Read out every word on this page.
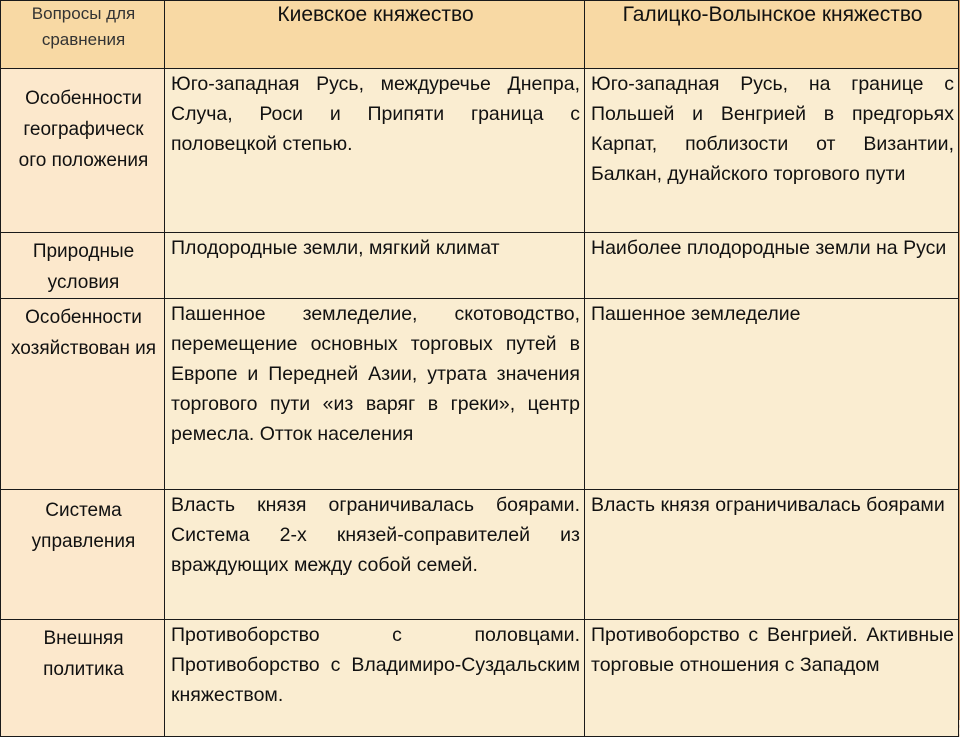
Вопросы для сравнения	Киевское княжество	Галицко-Волынское княжество
Особенности географическ ого положения	Юго-западная Русь, междуречье Днепра, Случа, Роси и Припяти граница с половецкой степью.	Юго-западная Русь, на границе с Польшей и Венгрией в предгорьях Карпат, поблизости от Византии, Балкан, дунайского торгового пути
Природные условия	Плодородные земли, мягкий климат	Наиболее плодородные земли на Руси
Особенности хозяйствован ия	Пашенное земледелие, скотоводство, перемещение основных торговых путей в Европе и Передней Азии, утрата значения торгового пути «из варяг в греки», центр ремесла. Отток населения	Пашенное земледелие
Система управления	Власть князя ограничивалась боярами. Система 2-х князей-соправителей из враждующих между собой семей.	Власть князя ограничивалась боярами
Внешняя политика	Противоборство с половцами. Противоборство с Владимиро-Суздальским княжеством.	Противоборство с Венгрией. Активные торговые отношения с Западом
